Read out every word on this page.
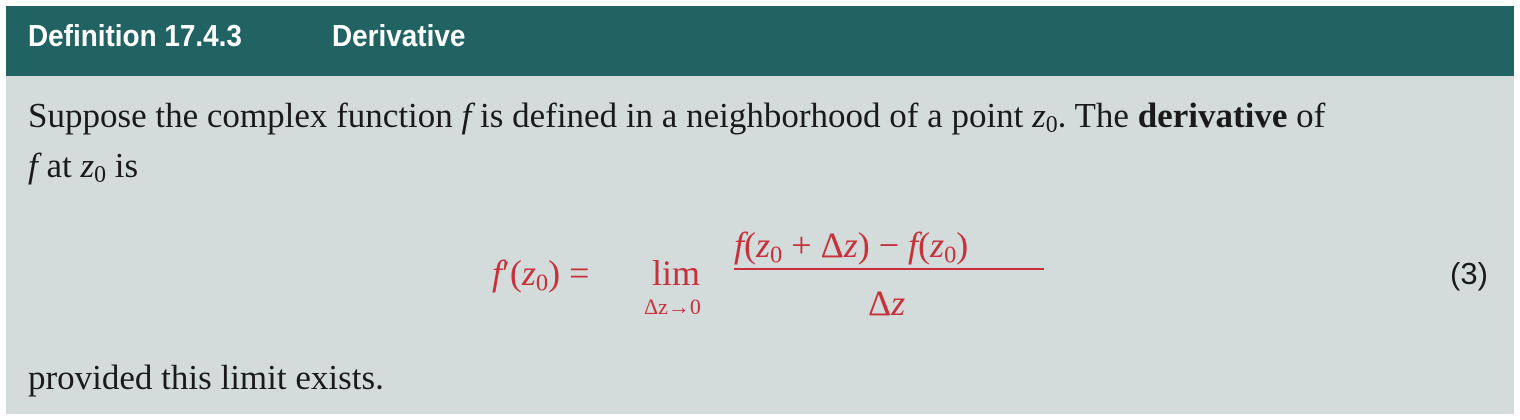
Definition 17.4.3	Derivative
Suppose the complex function f is defined in a neighborhood of a point $z_0$. The derivative of
f at $z_0$ is
$f'(z_0) = \lim$
Δz→0
$f(z_0 + \Delta z) - f(z_0)$
Δz
(3)
provided this limit exists.
